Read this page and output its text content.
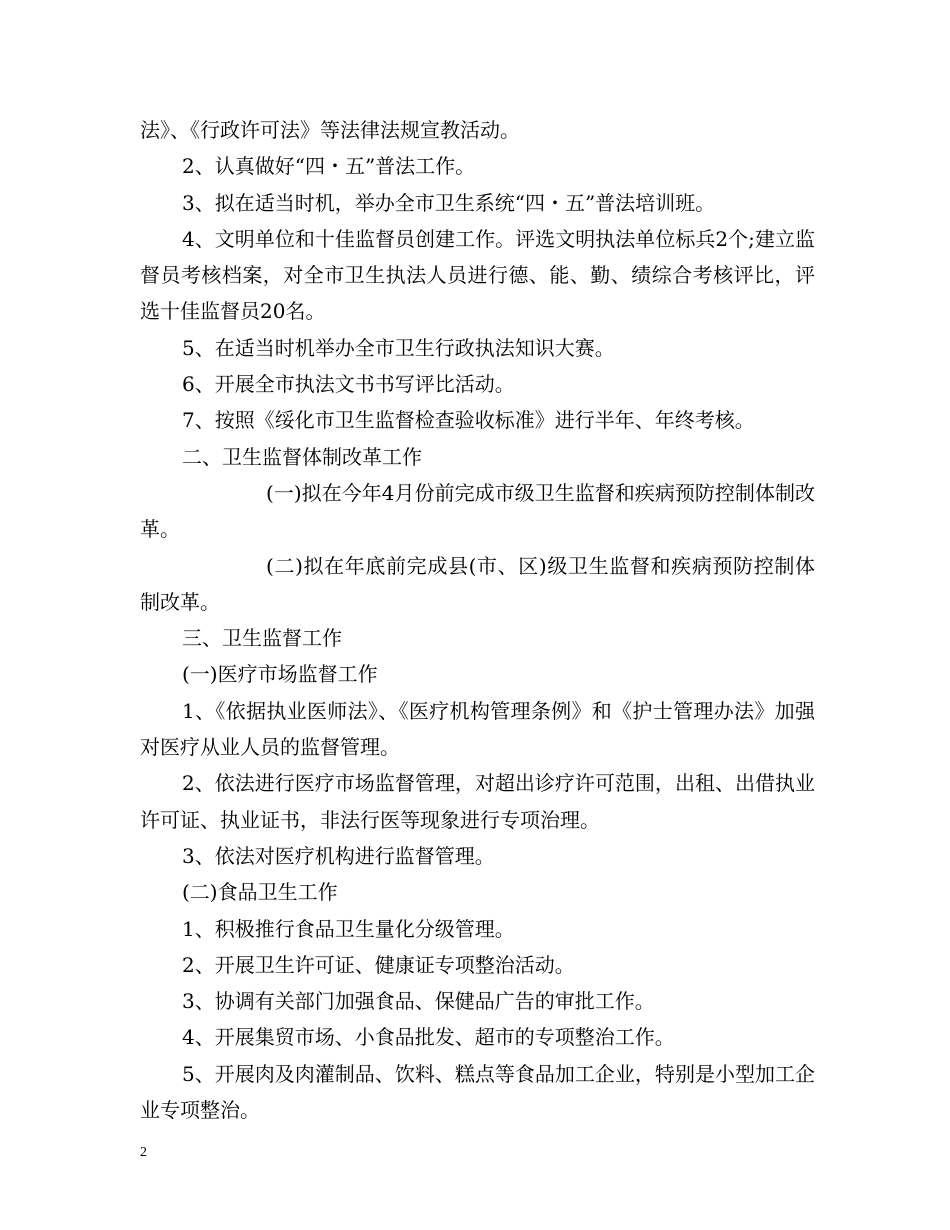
法》、《行政许可法》等法律法规宣教活动。
2、认真做好“四・五”普法工作。
3、拟在适当时机，举办全市卫生系统“四・五”普法培训班。
4、文明单位和十佳监督员创建工作。评选文明执法单位标兵2个;建立监督员考核档案，对全市卫生执法人员进行德、能、勤、绩综合考核评比，评选十佳监督员20名。
5、在适当时机举办全市卫生行政执法知识大赛。
6、开展全市执法文书书写评比活动。
7、按照《绥化市卫生监督检查验收标准》进行半年、年终考核。
二、卫生监督体制改革工作
(一)拟在今年4月份前完成市级卫生监督和疾病预防控制体制改革。
(二)拟在年底前完成县(市、区)级卫生监督和疾病预防控制体制改革。
三、卫生监督工作
(一)医疗市场监督工作
1、《依据执业医师法》、《医疗机构管理条例》和《护士管理办法》加强对医疗从业人员的监督管理。
2、依法进行医疗市场监督管理，对超出诊疗许可范围，出租、出借执业许可证、执业证书，非法行医等现象进行专项治理。
3、依法对医疗机构进行监督管理。
(二)食品卫生工作
1、积极推行食品卫生量化分级管理。
2、开展卫生许可证、健康证专项整治活动。
3、协调有关部门加强食品、保健品广告的审批工作。
4、开展集贸市场、小食品批发、超市的专项整治工作。
5、开展肉及肉灌制品、饮料、糕点等食品加工企业，特别是小型加工企业专项整治。
2
